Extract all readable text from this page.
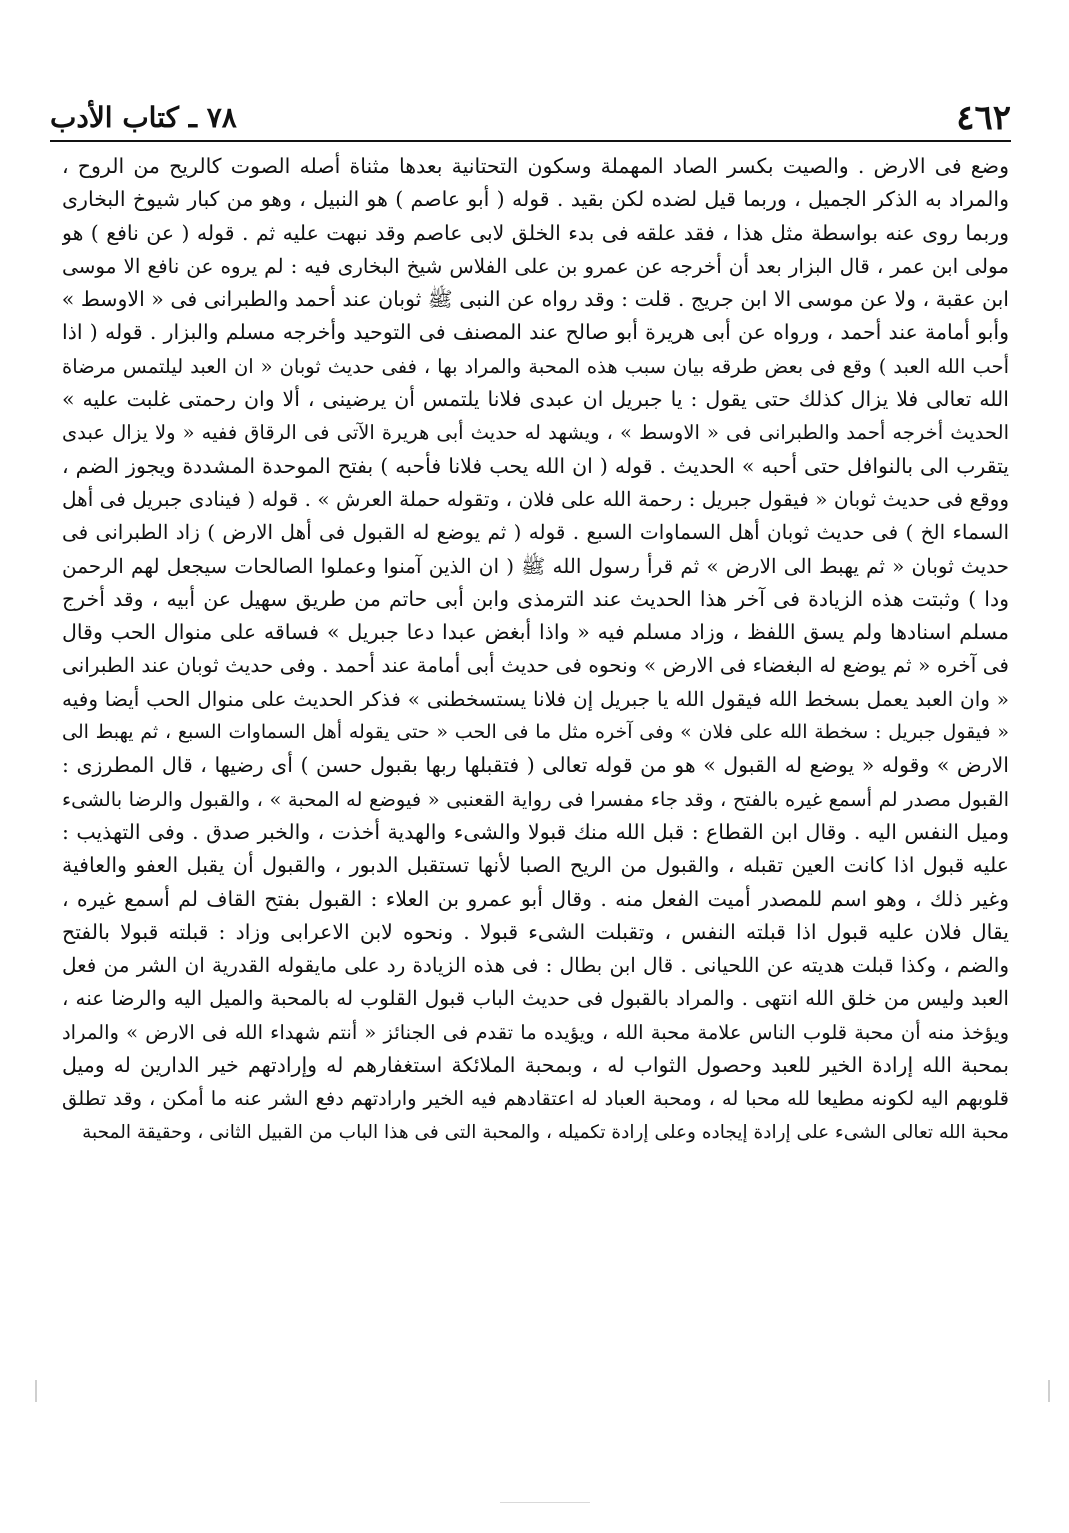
٤٦٢
٧٨ ـ كتاب الأدب
وضع فى الارض . والصيت بكسر الصاد المهملة وسكون التحتانية بعدها مثناة أصله الصوت كالريح من الروح ،
والمراد به الذكر الجميل ، وربما قيل لضده لكن بقيد . قوله ( أبو عاصم ) هو النبيل ، وهو من كبار شيوخ البخارى
وربما روى عنه بواسطة مثل هذا ، فقد علقه فى بدء الخلق لابى عاصم وقد نبهت عليه ثم . قوله ( عن نافع ) هو
مولى ابن عمر ، قال البزار بعد أن أخرجه عن عمرو بن على الفلاس شيخ البخارى فيه : لم يروه عن نافع الا موسى
ابن عقبة ، ولا عن موسى الا ابن جريج . قلت : وقد رواه عن النبى ﷺ ثوبان عند أحمد والطبرانى فى « الاوسط »
وأبو أمامة عند أحمد ، ورواه عن أبى هريرة أبو صالح عند المصنف فى التوحيد وأخرجه مسلم والبزار . قوله ( اذا
أحب الله العبد ) وقع فى بعض طرقه بيان سبب هذه المحبة والمراد بها ، ففى حديث ثوبان « ان العبد ليلتمس مرضاة
الله تعالى فلا يزال كذلك حتى يقول : يا جبريل ان عبدى فلانا يلتمس أن يرضينى ، ألا وان رحمتى غلبت عليه »
الحديث أخرجه أحمد والطبرانى فى « الاوسط » ، ويشهد له حديث أبى هريرة الآتى فى الرقاق ففيه « ولا يزال عبدى
يتقرب الى بالنوافل حتى أحبه » الحديث . قوله ( ان الله يحب فلانا فأحبه ) بفتح الموحدة المشددة ويجوز الضم ،
ووقع فى حديث ثوبان « فيقول جبريل : رحمة الله على فلان ، وتقوله حملة العرش » . قوله ( فينادى جبريل فى أهل
السماء الخ ) فى حديث ثوبان أهل السماوات السبع . قوله ( ثم يوضع له القبول فى أهل الارض ) زاد الطبرانى فى
حديث ثوبان « ثم يهبط الى الارض » ثم قرأ رسول الله ﷺ ( ان الذين آمنوا وعملوا الصالحات سيجعل لهم الرحمن
ودا ) وثبتت هذه الزيادة فى آخر هذا الحديث عند الترمذى وابن أبى حاتم من طريق سهيل عن أبيه ، وقد أخرج
مسلم اسنادها ولم يسق اللفظ ، وزاد مسلم فيه « واذا أبغض عبدا دعا جبريل » فساقه على منوال الحب وقال
فى آخره « ثم يوضع له البغضاء فى الارض » ونحوه فى حديث أبى أمامة عند أحمد . وفى حديث ثوبان عند الطبرانى
« وان العبد يعمل بسخط الله فيقول الله يا جبريل إن فلانا يستسخطنى » فذكر الحديث على منوال الحب أيضا وفيه
« فيقول جبريل : سخطة الله على فلان » وفى آخره مثل ما فى الحب « حتى يقوله أهل السماوات السبع ، ثم يهبط الى
الارض » وقوله « يوضع له القبول » هو من قوله تعالى ( فتقبلها ربها بقبول حسن ) أى رضيها ، قال المطرزى :
القبول مصدر لم أسمع غيره بالفتح ، وقد جاء مفسرا فى رواية القعنبى « فيوضع له المحبة » ، والقبول والرضا بالشىء
وميل النفس اليه . وقال ابن القطاع : قبل الله منك قبولا والشىء والهدية أخذت ، والخبر صدق . وفى التهذيب :
عليه قبول اذا كانت العين تقبله ، والقبول من الريح الصبا لأنها تستقبل الدبور ، والقبول أن يقبل العفو والعافية
وغير ذلك ، وهو اسم للمصدر أميت الفعل منه . وقال أبو عمرو بن العلاء : القبول بفتح القاف لم أسمع غيره ،
يقال فلان عليه قبول اذا قبلته النفس ، وتقبلت الشىء قبولا . ونحوه لابن الاعرابى وزاد : قبلته قبولا بالفتح
والضم ، وكذا قبلت هديته عن اللحيانى . قال ابن بطال : فى هذه الزيادة رد على مايقوله القدرية ان الشر من فعل
العبد وليس من خلق الله انتهى . والمراد بالقبول فى حديث الباب قبول القلوب له بالمحبة والميل اليه والرضا عنه ،
ويؤخذ منه أن محبة قلوب الناس علامة محبة الله ، ويؤيده ما تقدم فى الجنائز « أنتم شهداء الله فى الارض » والمراد
بمحبة الله إرادة الخير للعبد وحصول الثواب له ، وبمحبة الملائكة استغفارهم له وإرادتهم خير الدارين له وميل
قلوبهم اليه لكونه مطيعا لله محبا له ، ومحبة العباد له اعتقادهم فيه الخير وارادتهم دفع الشر عنه ما أمكن ، وقد تطلق
محبة الله تعالى الشىء على إرادة إيجاده وعلى إرادة تكميله ، والمحبة التى فى هذا الباب من القبيل الثانى ، وحقيقة المحبة
